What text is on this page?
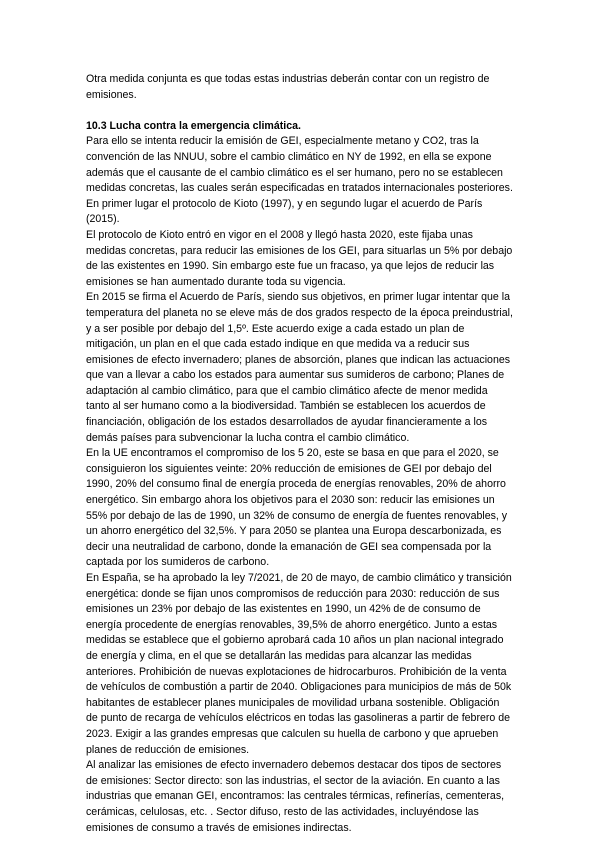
Otra medida conjunta es que todas estas industrias deberán contar con un registro de emisiones.

10.3 Lucha contra la emergencia climática.

Para ello se intenta reducir la emisión de GEI, especialmente metano y CO2, tras la convención de las NNUU, sobre el cambio climático en NY de 1992, en ella se expone además que el causante de el cambio climático es el ser humano, pero no se establecen medidas concretas, las cuales serán especificadas en tratados internacionales posteriores.

En primer lugar el protocolo de Kioto (1997), y en segundo lugar el acuerdo de París (2015).

El protocolo de Kioto entró en vigor en el 2008 y llegó hasta 2020, este fijaba unas medidas concretas, para reducir las emisiones de los GEI, para situarlas un 5% por debajo de las existentes en 1990. Sin embargo este fue un fracaso, ya que lejos de reducir las emisiones se han aumentado durante toda su vigencia.

En 2015 se firma el Acuerdo de París, siendo sus objetivos, en primer lugar intentar que la temperatura del planeta no se eleve más de dos grados respecto de la época preindustrial, y a ser posible por debajo del 1,5º. Este acuerdo exige a cada estado un plan de mitigación, un plan en el que cada estado indique en que medida va a reducir sus emisiones de efecto invernadero; planes de absorción, planes que indican las actuaciones que van a llevar a cabo los estados para aumentar sus sumideros de carbono; Planes de adaptación al cambio climático, para que el cambio climático afecte de menor medida tanto al ser humano como a la biodiversidad. También se establecen los acuerdos de financiación, obligación de los estados desarrollados de ayudar financieramente a los demás países para subvencionar la lucha contra el cambio climático.

En la UE encontramos el compromiso de los 5 20, este se basa en que para el 2020, se consiguieron los siguientes veinte: 20% reducción de emisiones de GEI por debajo del 1990, 20% del consumo final de energía proceda de energías renovables, 20% de ahorro energético. Sin embargo ahora los objetivos para el 2030 son: reducir las emisiones un 55% por debajo de las de 1990, un 32% de consumo de energía de fuentes renovables, y un ahorro energético del 32,5%. Y para 2050 se plantea una Europa descarbonizada, es decir una neutralidad de carbono, donde la emanación de GEI sea compensada por la captada por los sumideros de carbono.

En España, se ha aprobado la ley 7/2021, de 20 de mayo, de cambio climático y transición energética: donde se fijan unos compromisos de reducción para 2030: reducción de sus emisiones un 23% por debajo de las existentes en 1990, un 42% de de consumo de energía procedente de energías renovables, 39,5% de ahorro energético. Junto a estas medidas se establece que el gobierno aprobará cada 10 años un plan nacional integrado de energía y clima, en el que se detallarán las medidas para alcanzar las medidas anteriores. Prohibición de nuevas explotaciones de hidrocarburos. Prohibición de la venta de vehículos de combustión a partir de 2040. Obligaciones para municipios de más de 50k habitantes de establecer planes municipales de movilidad urbana sostenible. Obligación de punto de recarga de vehículos eléctricos en todas las gasolineras a partir de febrero de 2023. Exigir a las grandes empresas que calculen su huella de carbono y que aprueben planes de reducción de emisiones.

Al analizar las emisiones de efecto invernadero debemos destacar dos tipos de sectores de emisiones: Sector directo: son las industrias, el sector de la aviación. En cuanto a las industrias que emanan GEI, encontramos: las centrales térmicas, refinerías, cementeras, cerámicas, celulosas, etc. . Sector difuso, resto de las actividades, incluyéndose las emisiones de consumo a través de emisiones indirectas.
